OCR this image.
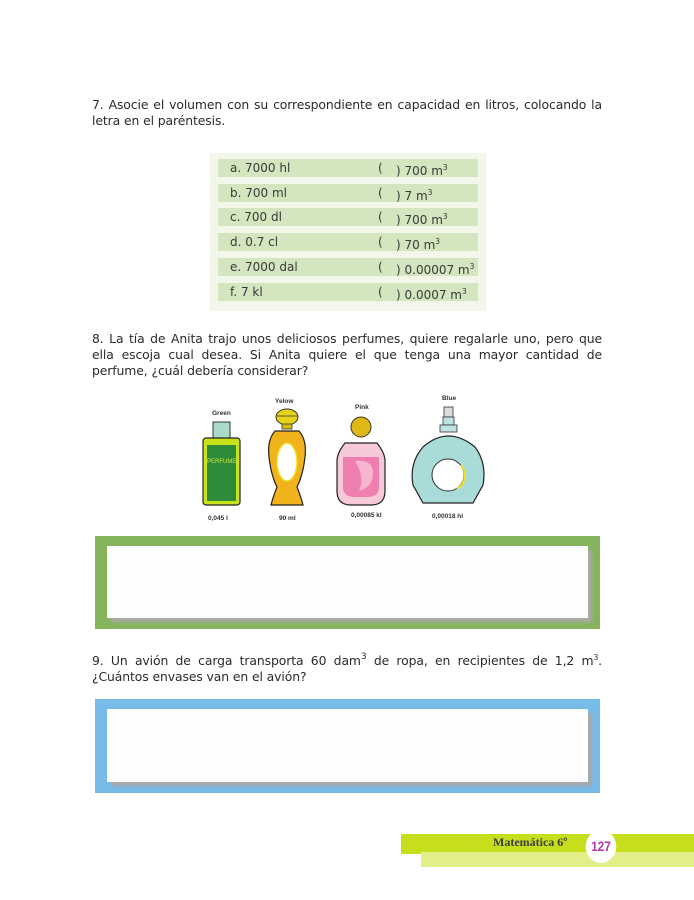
7. Asocie el volumen con su correspondiente en capacidad en litros, colocando la letra en el paréntesis.
a. 7000 hl	( ) 700 $m^3$
b. 700 ml	( ) 7 $m^3$
c. 700 dl	( ) 700 $m^3$
d. 0.7 cl	( ) 70 $m^3$
e. 7000 dal	( ) 0.00007 $m^3$
f. 7 kl	( ) 0.0007 $m^3$
8. La tía de Anita trajo unos deliciosos perfumes, quiere regalarle uno, pero que ella escoja cual desea. Si Anita quiere el que tenga una mayor cantidad de perfume, ¿cuál debería considerar?
Green
Yelow
Pink
Blue
0,045 l	90 ml	0,00085 kl	0,00018 hl
PERFUME
9. Un avión de carga transporta 60 dam$^3$ de ropa, en recipientes de 1,2 $m^3$. ¿Cuántos envases van en el avión?
Matemática 6º	127
